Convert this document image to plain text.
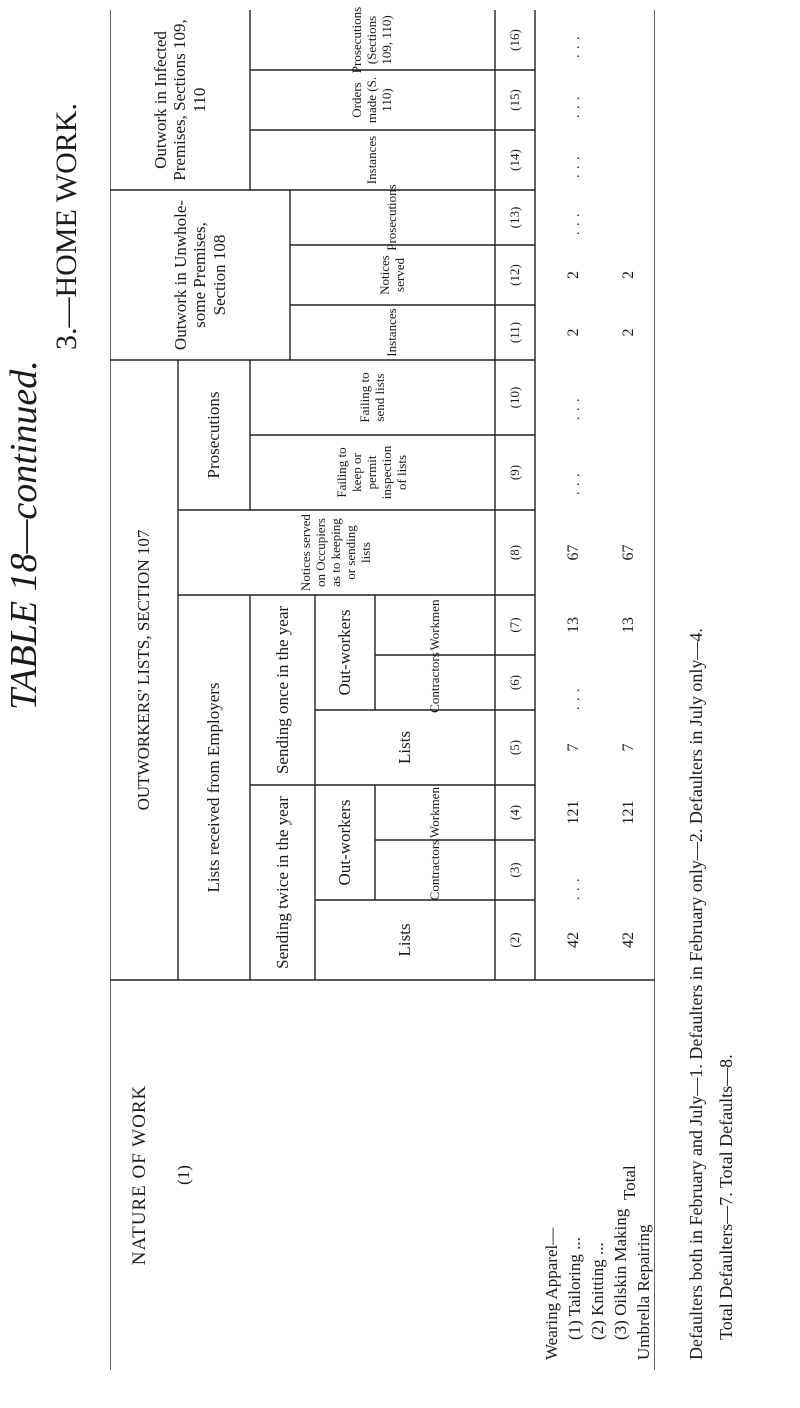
TABLE 18—continued.
3.—HOME WORK.
NATURE OF WORK	(1)
OUTWORKERS' LISTS, SECTION 107
Outwork in Unwhole-some Premises, Section 108
Outwork in Infected Premises, Sections 109, 110
Lists received from Employers
Prosecutions
Sending twice in the year
Sending once in the year
Out-workers
Out-workers
Lists
Contractors
Workmen
Lists
Contractors
Workmen
Notices served on Occupiers as to keeping or sending lists
Failing to keep or permit inspection of lists
Failing to send lists
Instances
Notices served
Prosecutions
Instances
Orders made (S. 110)
Prosecutions (Sections 109, 110)
(2)
(3)
(4)
(5)
(6)
(7)
(8)
(9)
(10)
(11)
(12)
(13)
(14)
(15)
(16)
Wearing Apparel— (1) Tailoring ... (2) Knitting ... (3) Oilskin Making Umbrella Repairing
42
121
7
13
67
2
2
. . .
. . .
. . .
. . .
. . .
. . .
. . .
. . .
Total
42
121
7
13
67
2
2
Defaulters both in February and July—1. Defaulters in February only—2. Defaulters in July only—4. Total Defaulters—7. Total Defaults—8.
